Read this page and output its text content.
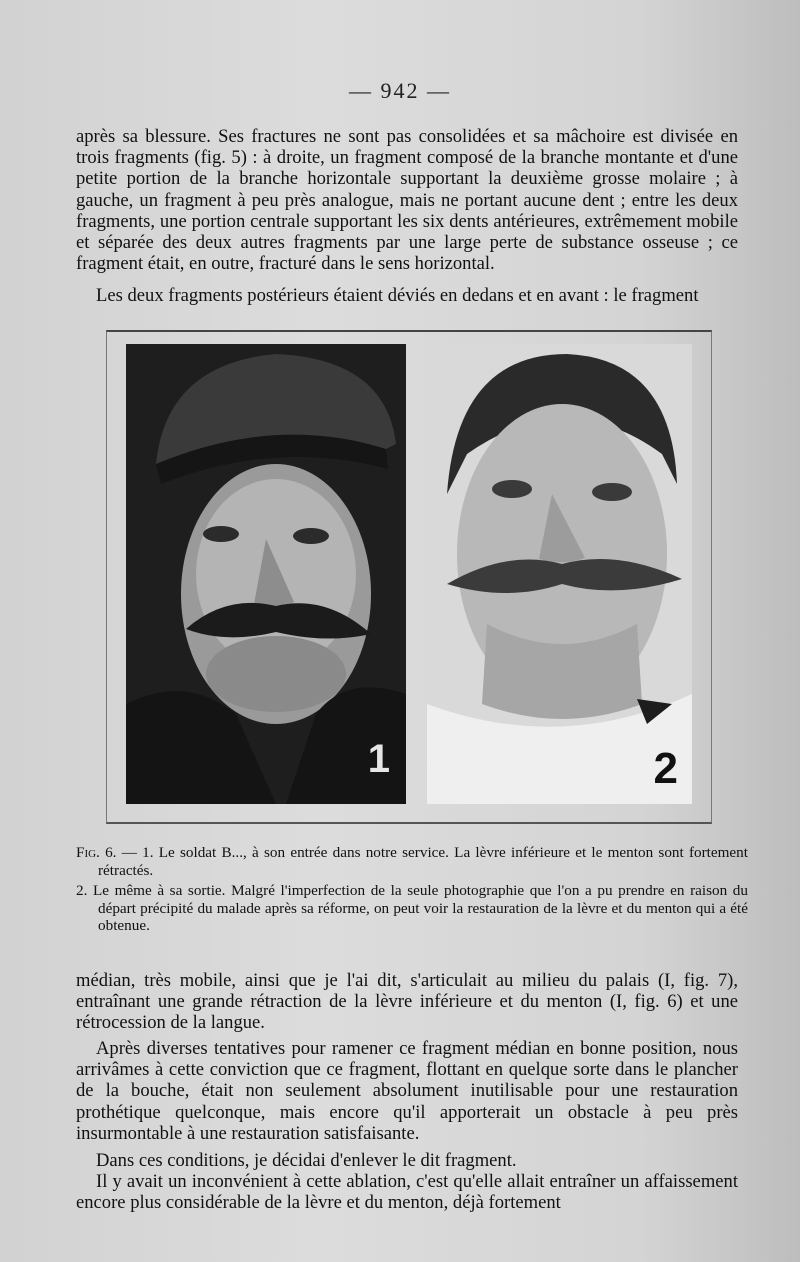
— 942 —

après sa blessure. Ses fractures ne sont pas consolidées et sa mâchoire est divisée en trois fragments (fig. 5) : à droite, un fragment composé de la branche montante et d'une petite portion de la branche horizontale supportant la deuxième grosse molaire ; à gauche, un fragment à peu près analogue, mais ne portant aucune dent ; entre les deux fragments, une portion centrale supportant les six dents antérieures, extrêmement mobile et séparée des deux autres fragments par une large perte de substance osseuse ; ce fragment était, en outre, fracturé dans le sens horizontal.

Les deux fragments postérieurs étaient déviés en dedans et en avant : le fragment

1	2

Fig. 6. — 1. Le soldat B..., à son entrée dans notre service. La lèvre inférieure et le menton sont fortement rétractés.

2. Le même à sa sortie. Malgré l'imperfection de la seule photographie que l'on a pu prendre en raison du départ précipité du malade après sa réforme, on peut voir la restauration de la lèvre et du menton qui a été obtenue.

médian, très mobile, ainsi que je l'ai dit, s'articulait au milieu du palais (I, fig. 7), entraînant une grande rétraction de la lèvre inférieure et du menton (I, fig. 6) et une rétrocession de la langue.

Après diverses tentatives pour ramener ce fragment médian en bonne position, nous arrivâmes à cette conviction que ce fragment, flottant en quelque sorte dans le plancher de la bouche, était non seulement absolument inutilisable pour une restauration prothétique quelconque, mais encore qu'il apporterait un obstacle à peu près insurmontable à une restauration satisfaisante.

Dans ces conditions, je décidai d'enlever le dit fragment.

Il y avait un inconvénient à cette ablation, c'est qu'elle allait entraîner un affaissement encore plus considérable de la lèvre et du menton, déjà fortement
